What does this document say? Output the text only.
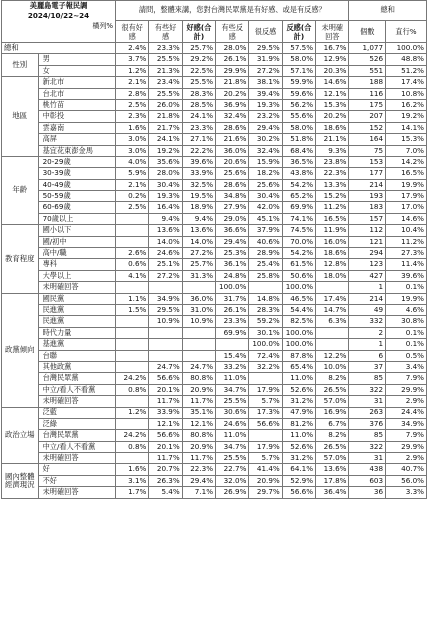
美麗島電子報民調
2024/10/22~24
橫列%		請問，整體來講，您對台灣民眾黨是有好感、或是有反感？							總和	
		很有好感	有些好感	好感(合計)	有些反感	很反感	反感(合計)	未明確回答	個數	直行%
總和		2.4%	23.3%	25.7%	28.0%	29.5%	57.5%	16.7%	1,077	100.0%
性別	男	3.7%	25.5%	29.2%	26.1%	31.9%	58.0%	12.9%	526	48.8%
	女	1.2%	21.3%	22.5%	29.9%	27.2%	57.1%	20.3%	551	51.2%
地區	新北市	2.1%	23.4%	25.5%	21.8%	38.1%	59.9%	14.6%	188	17.4%
	台北市	2.8%	25.5%	28.3%	20.2%	39.4%	59.6%	12.1%	116	10.8%
	桃竹苗	2.5%	26.0%	28.5%	36.9%	19.3%	56.2%	15.3%	175	16.2%
	中彰投	2.3%	21.8%	24.1%	32.4%	23.2%	55.6%	20.2%	207	19.2%
	雲嘉南	1.6%	21.7%	23.3%	28.6%	29.4%	58.0%	18.6%	152	14.1%
	高屏	3.0%	24.1%	27.1%	21.6%	30.2%	51.8%	21.1%	164	15.3%
	基宜花東澎金馬	3.0%	19.2%	22.2%	36.0%	32.4%	68.4%	9.3%	75	7.0%
年齡	20-29歲	4.0%	35.6%	39.6%	20.6%	15.9%	36.5%	23.8%	153	14.2%
	30-39歲	5.9%	28.0%	33.9%	25.6%	18.2%	43.8%	22.3%	177	16.5%
	40-49歲	2.1%	30.4%	32.5%	28.6%	25.6%	54.2%	13.3%	214	19.9%
	50-59歲	0.2%	19.3%	19.5%	34.8%	30.4%	65.2%	15.2%	193	17.9%
	60-69歲	2.5%	16.4%	18.9%	27.9%	42.0%	69.9%	11.2%	183	17.0%
	70歲以上		9.4%	9.4%	29.0%	45.1%	74.1%	16.5%	157	14.6%
教育程度	國小以下		13.6%	13.6%	36.6%	37.9%	74.5%	11.9%	112	10.4%
	國/初中		14.0%	14.0%	29.4%	40.6%	70.0%	16.0%	121	11.2%
	高中/職	2.6%	24.6%	27.2%	25.3%	28.9%	54.2%	18.6%	294	27.3%
	專科	0.6%	25.1%	25.7%	36.1%	25.4%	61.5%	12.8%	123	11.4%
	大學以上	4.1%	27.2%	31.3%	24.8%	25.8%	50.6%	18.0%	427	39.6%
	未明確回答				100.0%		100.0%		1	0.1%
政黨傾向	國民黨	1.1%	34.9%	36.0%	31.7%	14.8%	46.5%	17.4%	214	19.9%
	民進黨	1.5%	29.5%	31.0%	26.1%	28.3%	54.4%	14.7%	49	4.6%
	民進黨		10.9%	10.9%	23.3%	59.2%	82.5%	6.3%	332	30.8%
	時代力量				69.9%	30.1%	100.0%		2	0.1%
	基進黨					100.0%	100.0%		1	0.1%
	台聯				15.4%	72.4%	87.8%	12.2%	6	0.5%
	其他政黨		24.7%	24.7%	33.2%	32.2%	65.4%	10.0%	37	3.4%
	台灣民眾黨	24.2%	56.6%	80.8%	11.0%		11.0%	8.2%	85	7.9%
	中立/看人不看黨	0.8%	20.1%	20.9%	34.7%	17.9%	52.6%	26.5%	322	29.9%
	未明確回答		11.7%	11.7%	25.5%	5.7%	31.2%	57.0%	31	2.9%
政治立場	泛藍	1.2%	33.9%	35.1%	30.6%	17.3%	47.9%	16.9%	263	24.4%
	泛綠		12.1%	12.1%	24.6%	56.6%	81.2%	6.7%	376	34.9%
	台灣民眾黨	24.2%	56.6%	80.8%	11.0%		11.0%	8.2%	85	7.9%
	中立/看人不看黨	0.8%	20.1%	20.9%	34.7%	17.9%	52.6%	26.5%	322	29.9%
	未明確回答		11.7%	11.7%	25.5%	5.7%	31.2%	57.0%	31	2.9%
國內整體經濟現況	好	1.6%	20.7%	22.3%	22.7%	41.4%	64.1%	13.6%	438	40.7%
	不好	3.1%	26.3%	29.4%	32.0%	20.9%	52.9%	17.8%	603	56.0%
	未明確回答	1.7%	5.4%	7.1%	26.9%	29.7%	56.6%	36.4%	36	3.3%
